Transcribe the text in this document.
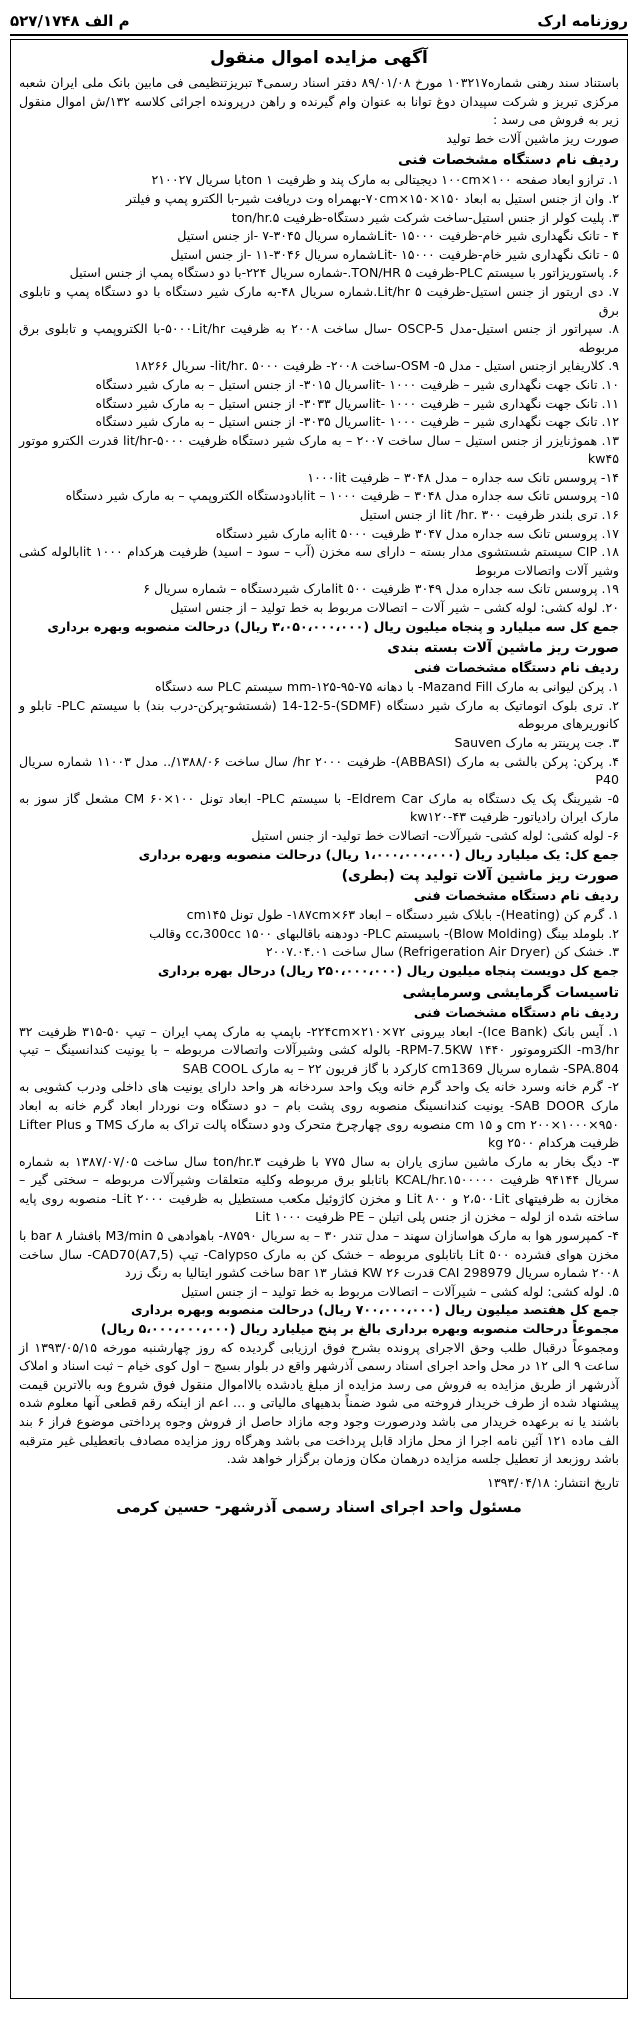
روزنامه ارک
م الف ۵۲۷/۱۷۴۸
آگهی مزایده اموال منقول

باستناد سند رهنی شماره۱۰۳۲۱۷ مورخ ۸۹/۰۱/۰۸ دفتر اسناد رسمی۴ تبریزتنظیمی فی مابین بانک ملی ایران شعبه مرکزی تبریز و شرکت سپیدان دوغ توانا به عنوان وام گیرنده و راهن درپرونده اجرائی کلاسه ۱۳۲/ش اموال منقول زیر به فروش می رسد :

صورت ریز ماشین آلات خط تولید

ردیف نام دستگاه مشخصات فنی
۱. ترازو ابعاد صفحه ۱۰۰×۱۰۰cm دیجیتالی به مارک پند و ظرفیت ۱ tonبا سریال ۲۱۰۰۲۷
۲. وان از جنس استیل به ابعاد ۱۵۰×۱۵۰×۷۰cm-بهمراه وت دریافت شیر-با الکترو پمپ و فیلتر
۳. پلیت کولر از جنس استیل-ساخت شرکت شیر دستگاه-ظرفیت ton/hr.۵
۴ - تانک نگهداری شیر خام-ظرفیت ۱۵۰۰۰ -Litشماره سریال ۳۰۴۵-۷ -از جنس استیل
۵ - تانک نگهداری شیر خام-ظرفیت ۱۵۰۰۰ -Litشماره سریال ۳۰۴۶-۱۱ -از جنس استیل
۶. پاستوریزاتور با سیستم PLC-ظرفیت ۵ TON/HR.-شماره سریال ۲۲۴-با دو دستگاه پمپ از جنس استیل
۷. دی اریتور از جنس استیل-ظرفیت ۵ Lit/hr.شماره سریال ۴۸-به مارک شیر دستگاه با دو دستگاه پمپ و تابلوی برق
۸. سپراتور از جنس استیل-مدل OSCP-5 -سال ساخت ۲۰۰۸ به ظرفیت ۵۰۰۰Lit/hr-با الکتروپمپ و تابلوی برق مربوطه
۹. کلاریفایر ازجنس استیل - مدل ۵- OSM-ساخت ۲۰۰۸- ظرفیت ۵۰۰۰ .lit/hr- سریال ۱۸۲۶۶
۱۰. تانک جهت نگهداری شیر – ظرفیت ۱۰۰۰ -litسریال ۳۰۱۵- از جنس استیل – به مارک شیر دستگاه
۱۱. تانک جهت نگهداری شیر – ظرفیت ۱۰۰۰ -litسریال ۳۰۳۳- از جنس استیل – به مارک شیر دستگاه
۱۲. تانک جهت نگهداری شیر – ظرفیت ۱۰۰۰ -litسریال ۳۰۳۵- از جنس استیل – به مارک شیر دستگاه
۱۳. هموژنایزر از جنس استیل – سال ساخت ۲۰۰۷ – به مارک شیر دستگاه ظرفیت ۵۰۰۰-lit/hr قدرت الکترو موتور kw۴۵
۱۴- پروسس تانک سه جداره – مدل ۳۰۴۸ – ظرفیت ۱۰۰۰lit
۱۵- پروسس تانک سه جداره مدل ۳۰۴۸ – ظرفیت ۱۰۰۰ – litبادودستگاه الکتروپمپ – به مارک شیر دستگاه
۱۶. تری بلندر ظرفیت ۳۰۰ .lit /hr از جنس استیل
۱۷. پروسس تانک سه جداره مدل ۳۰۴۷ ظرفیت ۵۰۰۰ litبه مارک شیر دستگاه
۱۸. CIP سیستم شستشوی مدار بسته – دارای سه مخزن (آب – سود – اسید) ظرفیت هرکدام ۱۰۰۰ litبالوله کشی وشیر آلات واتصالات مربوط
۱۹. پروسس تانک سه جداره مدل ۳۰۴۹ ظرفیت ۵۰۰ litمارک شیردستگاه – شماره سریال ۶
۲۰. لوله کشی: لوله کشی – شیر آلات – اتصالات مربوط به خط تولید – از جنس استیل
جمع کل سه میلیارد و پنجاه میلیون ریال (۳،۰۵۰،۰۰۰،۰۰۰ ریال) درحالت منصوبه وبهره برداری
صورت ریز ماشین آلات بسته بندی
ردیف نام دستگاه مشخصات فنی
۱. پرکن لیوانی به مارک Mazand Fill- با دهانه ۷۵-۹۵-۱۲۵-mm سیستم PLC سه دستگاه
۲. تری بلوک اتوماتیک به مارک شیر دستگاه (SDMF)-14-12-5 (شستشو-پرکن-درب بند) با سیستم PLC- تابلو و کانوریرهای مربوطه
۳. جت پرینتر به مارک Sauven
۴. پرکن: پرکن بالشی به مارک (ABBASI)- ظرفیت ۲۰۰۰ hr/ سال ساخت ۱۳۸۸/۰۶/.. مدل ۱۱۰۰۳ شماره سریال P40
۵- شیرینگ پک یک دستگاه به مارک Eldrem Car- با سیستم PLC- ابعاد تونل ۱۰۰×۶۰ CM مشعل گاز سوز به مارک ایران رادیاتور- ظرفیت kw۱۲۰-۴۳
۶- لوله کشی: لوله کشی- شیرآلات- اتصالات خط تولید- از جنس استیل
جمع کل: یک میلیارد ریال (۱،۰۰۰،۰۰۰،۰۰۰ ریال) درحالت منصوبه وبهره برداری
صورت ریز ماشین آلات تولید پت (بطری)
ردیف نام دستگاه مشخصات فنی
۱. گرم کن (Heating)- بابلاک شیر دستگاه – ابعاد ۶۳×۱۸۷cm- طول تونل cm۱۴۵
۲. بلوملد بینگ (Blow Molding)- باسیستم PLC- دودهنه باقالبهای ۱۵۰۰ cc،300cc وقالب
۳. خشک کن (Refrigeration Air Dryer) سال ساخت ۲۰۰۷.۰۴.۰۱
جمع کل دویست پنجاه میلیون ریال (۲۵۰،۰۰۰،۰۰۰ ریال) درحال بهره برداری
تاسیسات گرمایشی وسرمایشی
ردیف نام دستگاه مشخصات فنی
۱. آیس بانک (Ice Bank)- ابعاد بیرونی ۷۲×۲۱۰×۲۲۴cm- باپمپ به مارک پمپ ایران – تیپ ۵۰-۳۱۵ ظرفیت ۳۲ m3/hr- الکتروموتور ۱۴۴۰ RPM-7.5KW- بالوله کشی وشیرآلات واتصالات مربوطه – با یونیت کندانسینگ – تیپ SPA.804- شماره سریال cm1369 کارکرد با گاز فریون ۲۲ – به مارک SAB COOL
۲- گرم خانه وسرد خانه یک واحد گرم خانه ویک واحد سردخانه هر واحد دارای یونیت های داخلی ودرب کشویی به مارک SAB DOOR- یونیت کندانسینگ منصوبه روی پشت بام – دو دستگاه وت نوردار ابعاد گرم خانه به ابعاد ۹۵۰×۱۰۰۰×۲۰۰ cm و ۱۵ cm منصوبه روی چهارچرخ متحرک ودو دستگاه پالت تراک به مارک TMS و Lifter Plus ظرفیت هرکدام ۲۵۰۰ kg
۳- دیگ بخار به مارک ماشین سازی یاران به سال ۷۷۵ با ظرفیت ton/hr.۳ سال ساخت ۱۳۸۷/۰۷/۰۵ به شماره سریال ۹۴۱۴۴ ظرفیت KCAL/hr.۱۵۰۰۰۰۰ باتابلو برق مربوطه وکلیه متعلقات وشیرآلات مربوطه – سختی گیر – مخازن به ظرفیتهای ۲،۵۰۰Lit و Lit ۸۰۰ و مخزن کاژوئیل مکعب مستطیل به ظرفیت ۲۰۰۰ Lit- منصوبه روی پایه ساخته شده از لوله – مخزن از جنس پلی اتیلن – PE ظرفیت Lit ۱۰۰۰
۴- کمپرسور هوا به مارک هواسازان سهند – مدل تندر ۳۰ – به سریال ۸۷۵۹۰- باهوادهی ۵ M3/min بافشار ۸ bar با مخزن هوای فشرده ۵۰۰ Lit باتابلوی مربوطه – خشک کن به مارک Calypso- تیپ CAD70(A7,5)- سال ساخت ۲۰۰۸ شماره سریال CAI 298979 قدرت ۲۶ KW فشار ۱۳ bar ساخت کشور ایتالیا به رنگ زرد
۵. لوله کشی: لوله کشی – شیرآلات – اتصالات مربوط به خط تولید – از جنس استیل
جمع کل هفتصد میلیون ریال (۷۰۰،۰۰۰،۰۰۰ ریال) درحالت منصوبه وبهره برداری

مجموعاً درحالت منصوبه وبهره برداری بالغ بر پنج میلیارد ریال (۵،۰۰۰،۰۰۰،۰۰۰ ریال)

ومجموعاً درقبال طلب وحق الاجرای پرونده بشرح فوق ارزیابی گردیده که روز چهارشنبه مورخه ۱۳۹۳/۰۵/۱۵ از ساعت ۹ الی ۱۲ در محل واحد اجرای اسناد رسمی آذرشهر واقع در بلوار بسیج – اول کوی خیام – ثبت اسناد و املاک آذرشهر از طریق مزایده به فروش می رسد مزایده از مبلغ یادشده بالااموال منقول فوق شروع وبه بالاترین قیمت پیشنهاد شده از طرف خریدار فروخته می شود ضمناً بدهیهای مالیاتی و … اعم از اینکه رقم قطعی آنها معلوم شده باشند یا نه برعهده خریدار می باشد ودرصورت وجود وجه مازاد حاصل از فروش وجوه پرداختی موضوع فراز ۶ بند الف ماده ۱۲۱ آئین نامه اجرا از محل مازاد قابل پرداخت می باشد وهرگاه روز مزایده مصادف باتعطیلی غیر مترقبه باشد روزبعد از تعطیل جلسه مزایده درهمان مکان وزمان برگزار خواهد شد.

تاریخ انتشار: ۱۳۹۳/۰۴/۱۸
مسئول واحد اجرای اسناد رسمی آذرشهر- حسین کرمی
